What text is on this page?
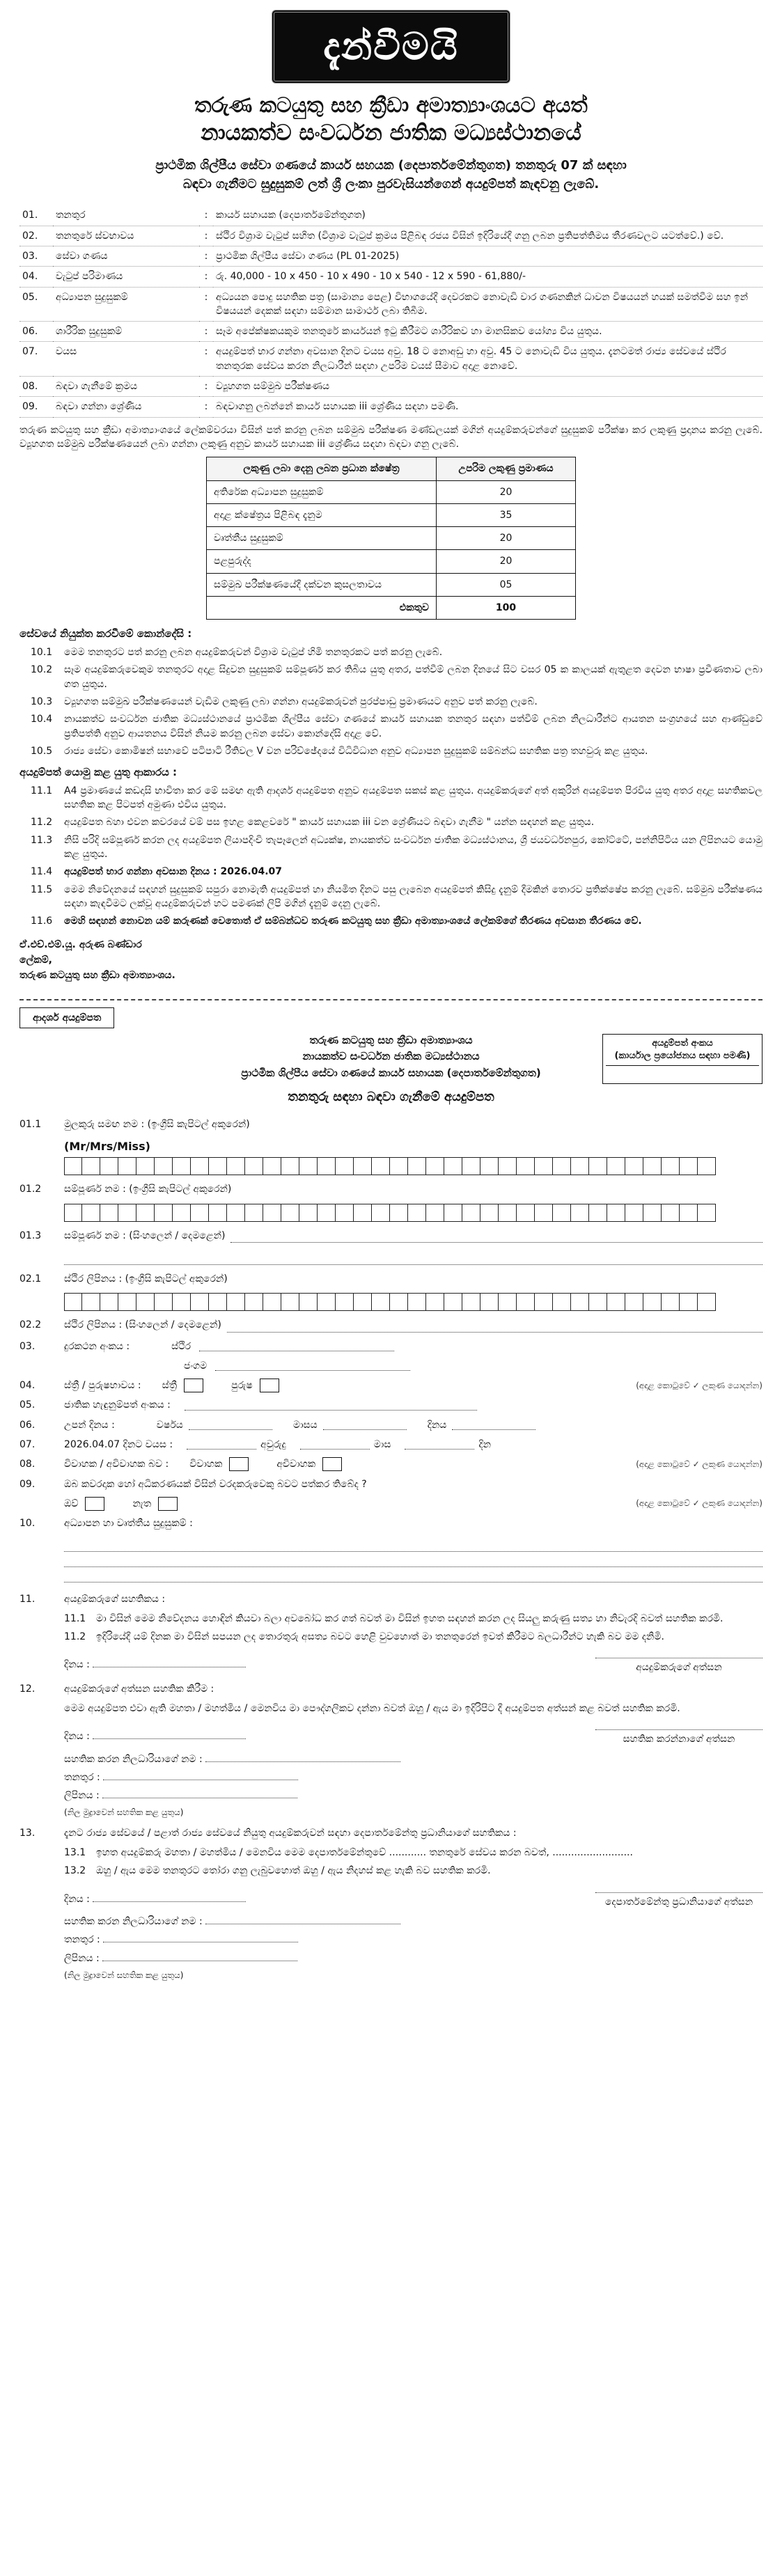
දැන්වීමයි
තරුණ කටයුතු සහ ක්‍රීඩා අමාත්‍යාංශයට අයත්
නායකත්ව සංවර්ධන ජාතික මධ්‍යස්ථානයේ
ප්‍රාථමික ශිල්පීය සේවා ගණයේ කාර්ය සහයක (දෙපාර්තමේන්තුගත) තනතුරු 07 ක් සඳහා
බඳවා ගැනීමට සුදුසුකම් ලත් ශ්‍රී ලංකා පුරවැසියන්ගෙන් අයදුම්පත් කැඳවනු ලැබේ.
01.	තනතුර	:	කාර්ය සහායක (දෙපාර්තමේන්තුගත)
02.	තනතුරේ ස්වභාවය	:	ස්ථිර විශ්‍රාම වැටුප් සහිත (විශ්‍රාම වැටුප් ක්‍රමය පිළිබඳ රජය විසින් ඉදිරියේදී ගනු ලබන ප්‍රතිපත්තිමය තීරණවලට යටත්වේ.) වේ.
03.	සේවා ගණය	:	ප්‍රාථමික ශිල්පීය සේවා ගණය (PL 01-2025)
04.	වැටුප් පරිමාණය	:	රු. 40,000 - 10 x 450 - 10 x 490 - 10 x 540 - 12 x 590 - 61,880/-
05.	අධ්‍යාපන සුදුසුකම්	:	අධ්‍යයන පොදු සහතික පත්‍ර (සාමාන්‍ය පෙළ) විභාගයේදී දෙවරකට නොවැඩි වාර ගණනකින් ධාවන විෂයයන් හයක් සමත්වීම සහ ඉන් විෂයයන් දෙකක් සඳහා සම්මාන සාමාර්ථ ලබා තිබීම.
06.	ශාරීරික සුදුසුකම්	:	සෑම අපේක්ෂකයකුම තනතුරේ කාර්යයන් ඉටු කිරීමට ශාරීරිකව හා මානසිකව යෝග්‍ය විය යුතුය.
07.	වයස	:	අයදුම්පත් භාර ගන්නා අවසාන දිනට වයස අවු. 18 ට නොඅඩු හා අවු. 45 ට නොවැඩි විය යුතුය. දැනටමත් රාජ්‍ය සේවයේ ස්ථිර තනතුරක සේවය කරන නිලධාරීන් සඳහා උපරිම වයස් සීමාව අදාළ නොවේ.
08.	බඳවා ගැනීමේ ක්‍රමය	:	ව්‍යූහගත සම්මුඛ පරීක්ෂණය
09.	බඳවා ගන්නා ශ්‍රේණිය	:	බඳවාගනු ලබන්නේ කාර්ය සහායක iii ශ්‍රේණිය සඳහා පමණි.
තරුණ කටයුතු සහ ක්‍රීඩා අමාත්‍යාංශයේ ලේකම්වරයා විසින් පත් කරනු ලබන සම්මුඛ පරීක්ෂණ මණ්ඩලයක් මගින් අයදුම්කරුවන්ගේ සුදුසුකම් පරීක්ෂා කර ලකුණු ප්‍රදානය කරනු ලැබේ. ව්‍යූහගත සම්මුඛ පරීක්ෂණයෙන් ලබා ගන්නා ලකුණු අනුව කාර්ය සහායක iii ශ්‍රේණිය සඳහා බඳවා ගනු ලැබේ.
ලකුණු ලබා දෙනු ලබන ප්‍රධාන ක්ෂේත්‍ර	උපරිම ලකුණු ප්‍රමාණය
අතිරේක අධ්‍යාපන සුදුසුකම්	20
අදාළ ක්ෂේත්‍රය පිළිබඳ දැනුම	35
වෘත්තීය සුදුසුකම්	20
පළපුරුද්ද	20
සම්මුඛ පරීක්ෂණයේදී දක්වන කුසලතාවය	05
එකතුව	100
සේවයේ නියුක්ත කරවීමේ කොන්දේසි :
10.1	මෙම තනතුරට පත් කරනු ලබන අයදුම්කරුවන් විශ්‍රාම වැටුප් හිමි තනතුරකට පත් කරනු ලැබේ.
10.2	සෑම අයදුම්කරුවෙකුම තනතුරට අදාළ සිදුවන සුදුසුකම් සම්පූර්ණ කර තිබිය යුතු අතර, පත්වීම් ලබන දිනයේ සිට වසර 05 ක කාලයක් ඇතුළත දෙවන භාෂා ප්‍රවීණතාව ලබා ගත යුතුය.
10.3	ව්‍යූහගත සම්මුඛ පරීක්ෂණයෙන් වැඩිම ලකුණු ලබා ගන්නා අයදුම්කරුවන් පුරප්පාඩු ප්‍රමාණයට අනුව පත් කරනු ලැබේ.
10.4	නායකත්ව සංවර්ධන ජාතික මධ්‍යස්ථානයේ ප්‍රාථමික ශිල්පීය සේවා ගණයේ කාර්ය සහායක තනතුර සඳහා පත්වීම් ලබන නිලධාරීන්ට ආයතන සංග්‍රහයේ සහ ආණ්ඩුවේ ප්‍රතිපත්ති අනුව ආයතනය විසින් නියම කරනු ලබන සේවා කොන්දේසි අදාළ වේ.
10.5	රාජ්‍ය සේවා කොමිෂන් සභාවේ පටිපාටි රීතිවල V වන පරිච්ඡේදයේ විධිවිධාන අනුව අධ්‍යාපන සුදුසුකම් සම්බන්ධ සහතික පත්‍ර තහවුරු කළ යුතුය.
අයදුම්පත් යොමු කළ යුතු ආකාරය :
11.1	A4 ප්‍රමාණයේ කඩදාසි භාවිතා කර මේ සමඟ ඇති ආදර්ශ අයදුම්පත අනුව අයදුම්පත සකස් කළ යුතුය. අයදුම්කරුගේ අත් අකුරින් අයදුම්පත පිරවිය යුතු අතර අදාළ සහතිකවල සහතික කළ පිටපත් අමුණා එවිය යුතුය.
11.2	අයදුම්පත බහා එවන කවරයේ වම් පස ඉහළ කෙළවරේ " කාර්ය සහායක iii වන ශ්‍රේණියට බඳවා ගැනීම " යන්න සඳහන් කළ යුතුය.
11.3	නිසි පරිදි සම්පූර්ණ කරන ලද අයදුම්පත ලියාපදිංචි තැපෑලෙන් අධ්‍යක්ෂ, නායකත්ව සංවර්ධන ජාතික මධ්‍යස්ථානය, ශ්‍රී ජයවර්ධනපුර, කෝට්ටේ, පන්නිපිටිය යන ලිපිනයට යොමු කළ යුතුය.
11.4	අයදුම්පත් භාර ගන්නා අවසාන දිනය : 2026.04.07
11.5	මෙම නිවේදනයේ සඳහන් සුදුසුකම් සපුරා නොමැති අයදුම්පත් හා නියමිත දිනට පසු ලැබෙන අයදුම්පත් කිසිදු දැනුම් දීමකින් තොරව ප්‍රතික්ෂේප කරනු ලැබේ. සම්මුඛ පරීක්ෂණය සඳහා කැඳවීමට ලක්වූ අයදුම්කරුවන් හට පමණක් ලිපි මගින් දැනුම් දෙනු ලැබේ.
11.6	මෙහි සඳහන් නොවන යම් කරුණක් වෙතොත් ඒ සම්බන්ධව තරුණ කටයුතු සහ ක්‍රීඩා අමාත්‍යාංශයේ ලේකම්ගේ තීරණය අවසාන තීරණය වේ.
ඒ.එච්.එම්.යූ. අරුණ බණ්ඩාර
ලේකම්,
තරුණ කටයුතු සහ ක්‍රීඩා අමාත්‍යාංශය.
ආදර්ශ අයදුම්පත
අයදුම්පත් අංකය
(කාර්යාල ප්‍රයෝජනය සඳහා පමණි)
තරුණ කටයුතු සහ ක්‍රීඩා අමාත්‍යාංශය
නායකත්ව සංවර්ධන ජාතික මධ්‍යස්ථානය
ප්‍රාථමික ශිල්පීය සේවා ගණයේ කාර්ය සහායක (දෙපාර්තමේන්තුගත)
තනතුරු සඳහා බඳවා ගැනීමේ අයදුම්පත
01.1	මුලකුරු සමඟ නම : (ඉංග්‍රීසි කැපිටල් අකුරෙන්)
(Mr/Mrs/Miss)
01.2	සම්පූර්ණ නම : (ඉංග්‍රීසි කැපිටල් අකුරෙන්)
01.3	සම්පූර්ණ නම : (සිංහලෙන් / දෙමළෙන්)
02.1	ස්ථිර ලිපිනය : (ඉංග්‍රීසි කැපිටල් අකුරෙන්)
02.2	ස්ථිර ලිපිනය : (සිංහලෙන් / දෙමළෙන්)
03.	දුරකථන අංකය :	ස්ථිර
ජංගම
04.	ස්ත්‍රී / පුරුෂභාවය : ස්ත්‍රී	පුරුෂ	(අදාළ කොටුවේ ✓ ලකුණ යොදන්න)
05.	ජාතික හැඳුනුම්පත් අංකය :
06.	උපන් දිනය :	වර්ෂය	මාසය	දිනය
07.	2026.04.07 දිනට වයස :	අවුරුදු	මාස	දින
08.	විවාහක / අවිවාහක බව : විවාහක	අවිවාහක	(අදාළ කොටුවේ ✓ ලකුණ යොදන්න)
09.	ඔබ කවරදාක හෝ අධිකරණයක් විසින් වරදකරුවෙකු බවට පත්කර තිබේද ?
ඔව්	නැත	(අදාළ කොටුවේ ✓ ලකුණ යොදන්න)
10.	අධ්‍යාපන හා වෘත්තීය සුදුසුකම් :
11.	අයදුම්කරුගේ සහතිකය :
11.1	මා විසින් මෙම නිවේදනය හොඳින් කියවා බලා අවබෝධ කර ගත් බවත් මා විසින් ඉහත සඳහන් කරන ලද සියලු කරුණු සත්‍ය හා නිවැරදි බවත් සහතික කරමි.
11.2	ඉදිරියේදී යම් දිනක මා විසින් සපයන ලද තොරතුරු අසත්‍ය බවට හෙළි වුවහොත් මා තනතුරෙන් ඉවත් කිරීමට බලධාරීන්ට හැකි බව මම දනිමි.
දිනය :	අයදුම්කරුගේ අත්සන
12.	අයදුම්කරුගේ අත්සන සහතික කිරීම :
මෙම අයදුම්පත එවා ඇති මහතා / මහත්මිය / මෙනවිය මා පෞද්ගලිකව දන්නා බවත් ඔහු / ඇය මා ඉදිරිපිට දී අයදුම්පත අත්සන් කළ බවත් සහතික කරමි.
දිනය :	සහතික කරන්නාගේ අත්සන
සහතික කරන නිලධාරියාගේ නම :
තනතුර :
ලිපිනය :
(නිල මුද්‍රාවෙන් සහතික කළ යුතුය)
13.	දැනට රාජ්‍ය සේවයේ / පළාත් රාජ්‍ය සේවයේ නියුතු අයදුම්කරුවන් සඳහා දෙපාර්තමේන්තු ප්‍රධානියාගේ සහතිකය :
13.1	ඉහත අයදුම්කරු මහතා / මහත්මිය / මෙනවිය මෙම දෙපාර්තමේන්තුවේ ............ තනතුරේ සේවය කරන බවත්, ..........................
13.2	ඔහු / ඇය මෙම තනතුරට තෝරා ගනු ලැබුවහොත් ඔහු / ඇය නිදහස් කළ හැකි බව සහතික කරමි.
දිනය :	දෙපාර්තමේන්තු ප්‍රධානියාගේ අත්සන
සහතික කරන නිලධාරියාගේ නම :
තනතුර :
ලිපිනය :
(නිල මුද්‍රාවෙන් සහතික කළ යුතුය)
